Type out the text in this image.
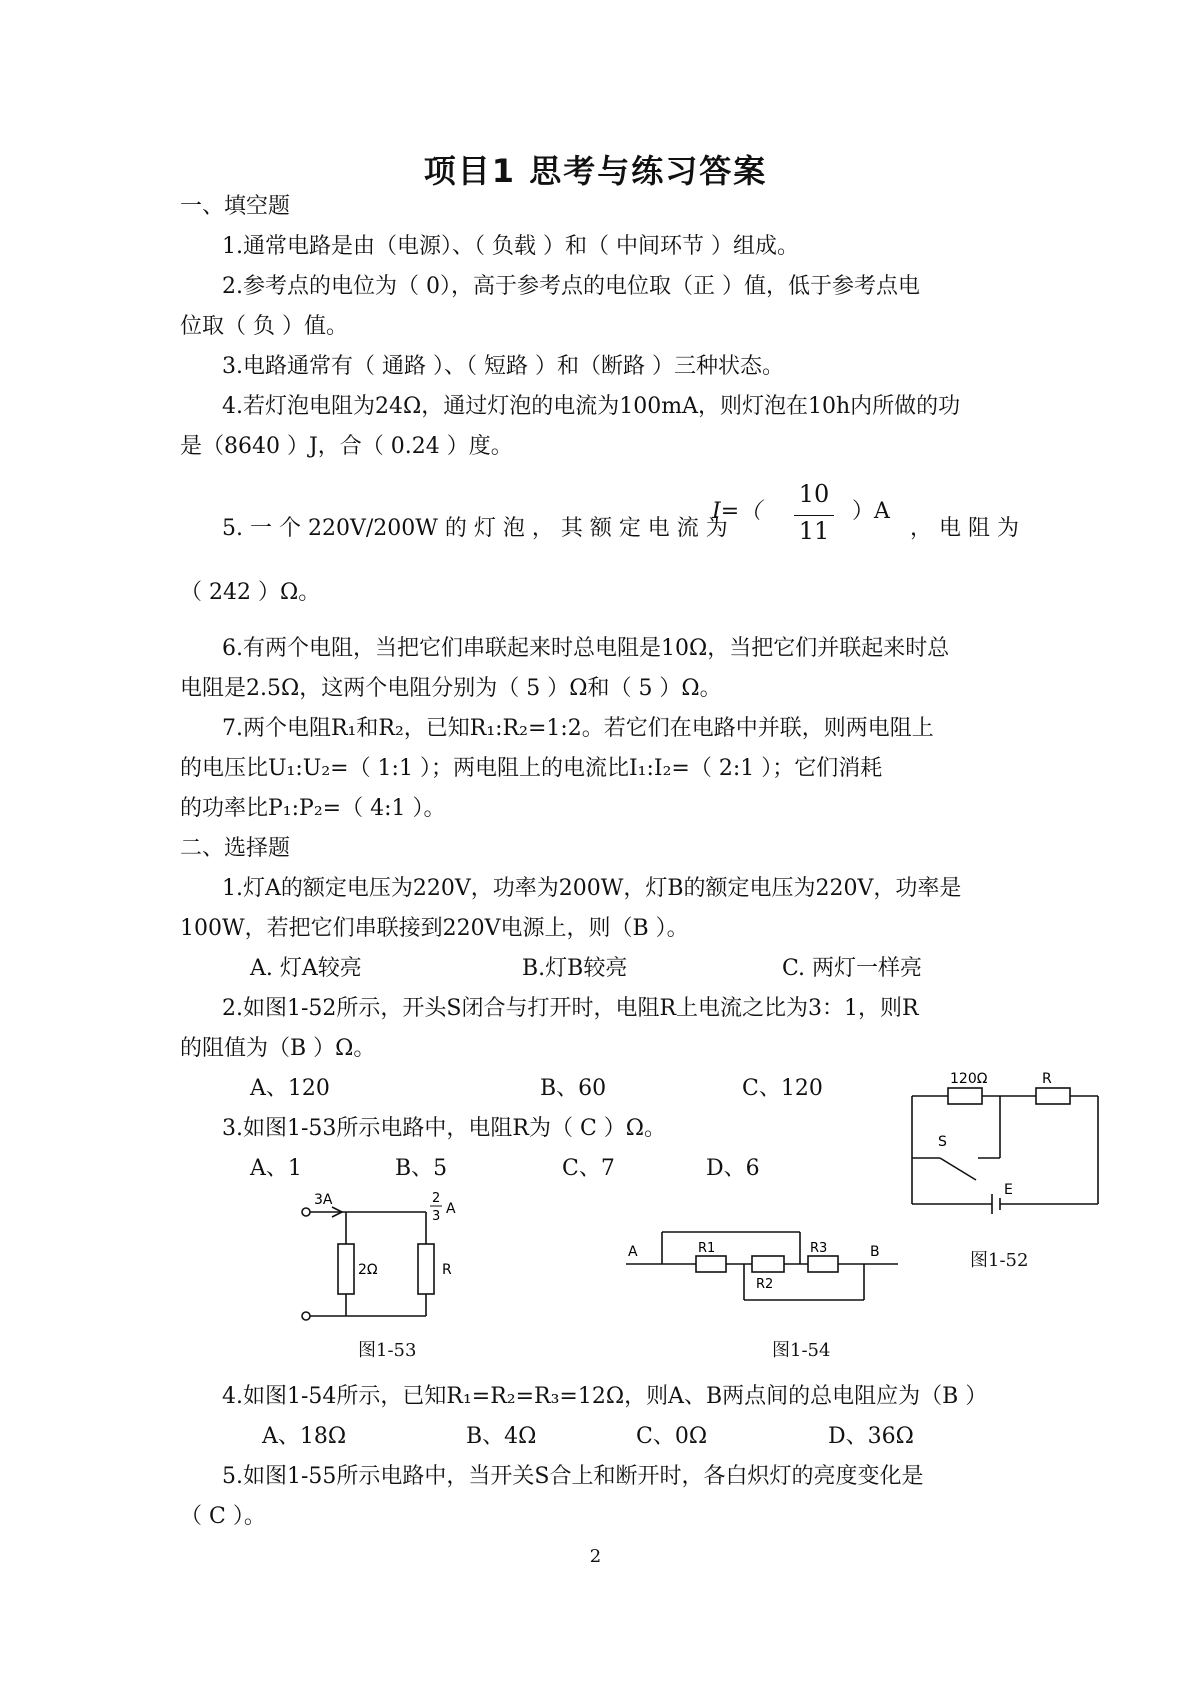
项目1 思考与练习答案
一、填空题
1.通常电路是由（电源）、（ 负载 ）和（ 中间环节 ）组成。
2.参考点的电位为（ 0），高于参考点的电位取（正 ）值，低于参考点电
位取（ 负 ）值。
3.电路通常有（ 通路 ）、（ 短路 ）和（断路 ）三种状态。
4.若灯泡电阻为24Ω，通过灯泡的电流为100mA，则灯泡在10h内所做的功
是（8640 ）J，合（ 0.24 ）度。
5. 一 个 220V/200W 的 灯 泡 ， 其 额 定 电 流 为
I=（
10
11
）A
， 电 阻 为
（ 242 ）Ω。
6.有两个电阻，当把它们串联起来时总电阻是10Ω，当把它们并联起来时总
电阻是2.5Ω，这两个电阻分别为（ 5 ）Ω和（ 5 ）Ω。
7.两个电阻R₁和R₂，已知R₁:R₂=1:2。若它们在电路中并联，则两电阻上
的电压比U₁:U₂=（ 1:1 ）；两电阻上的电流比I₁:I₂=（ 2:1 ）；它们消耗
的功率比P₁:P₂=（ 4:1 ）。
二、选择题
1.灯A的额定电压为220V，功率为200W，灯B的额定电压为220V，功率是
100W，若把它们串联接到220V电源上，则（B ）。
A. 灯A较亮	B.灯B较亮	C. 两灯一样亮
2.如图1-52所示，开头S闭合与打开时，电阻R上电流之比为3：1，则R
的阻值为（B ）Ω。
A、120	B、60	C、120
3.如图1-53所示电路中，电阻R为（ C ）Ω。
A、1	B、5	C、7	D、6
120Ω	R
S
E
图1-52
3A	2
3 A
2Ω	R
图1-53
A	B
R1
R2
R3
图1-54
4.如图1-54所示，已知R₁=R₂=R₃=12Ω，则A、B两点间的总电阻应为（B ）
A、18Ω	B、4Ω	C、0Ω	D、36Ω
5.如图1-55所示电路中，当开关S合上和断开时，各白炽灯的亮度变化是
（ C ）。
2
